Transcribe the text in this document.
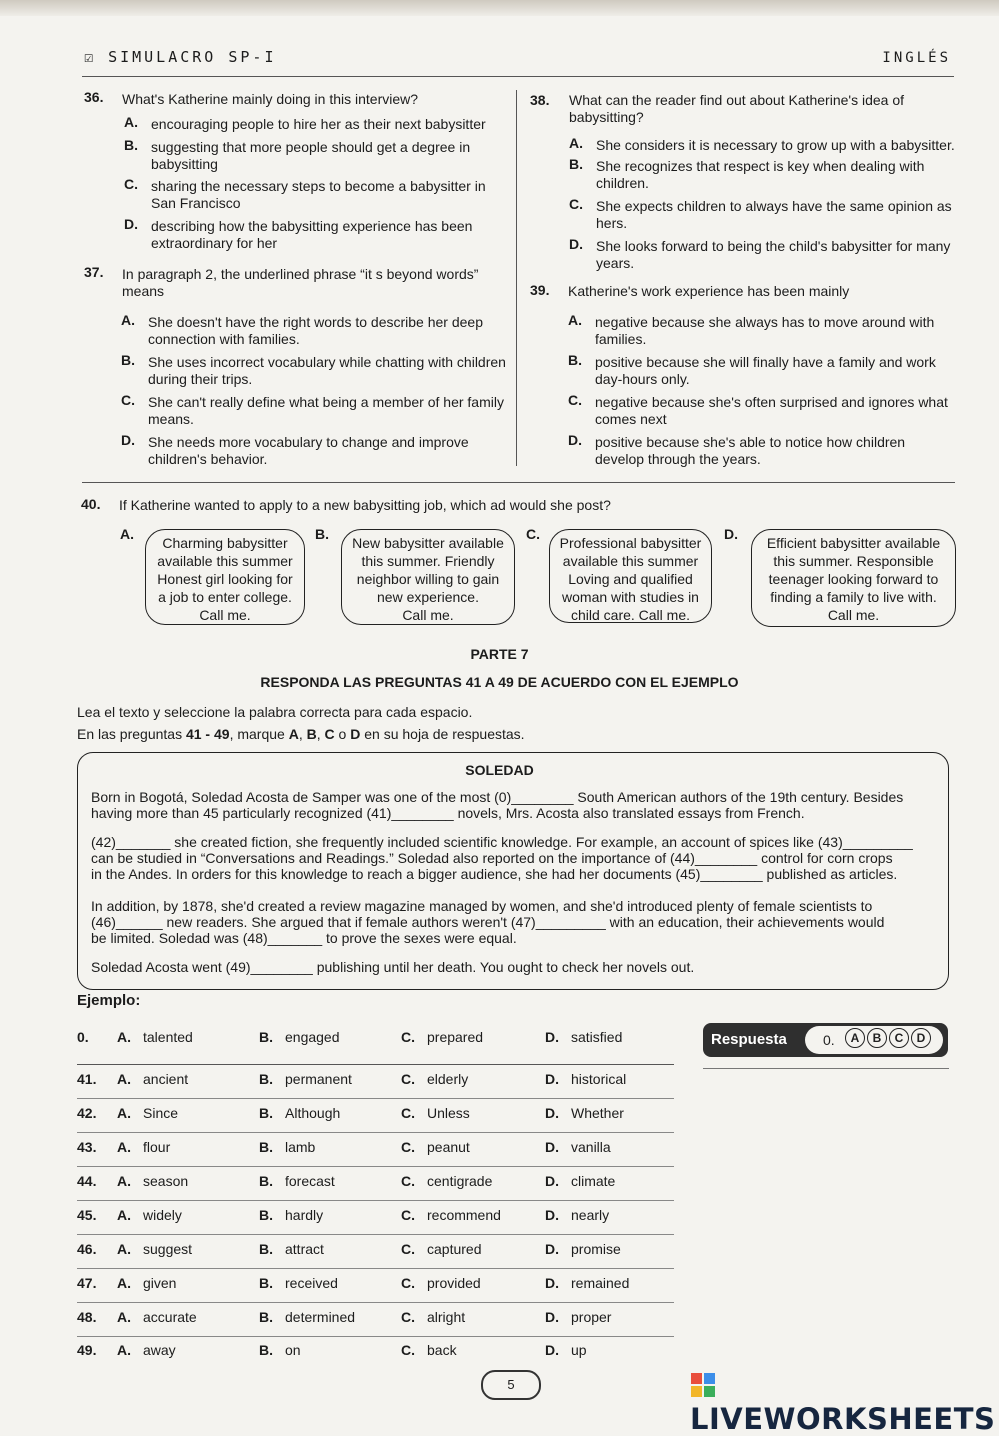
☑ SIMULACRO SP-I	INGLÉS
36. What's Katherine mainly doing in this interview?
A. encouraging people to hire her as their next babysitter
B. suggesting that more people should get a degree in babysitting
C. sharing the necessary steps to become a babysitter in San Francisco
D. describing how the babysitting experience has been extraordinary for her
37. In paragraph 2, the underlined phrase “it s beyond words” means
A. She doesn't have the right words to describe her deep connection with families.
B. She uses incorrect vocabulary while chatting with children during their trips.
C. She can't really define what being a member of her family means.
D. She needs more vocabulary to change and improve children's behavior.
38. What can the reader find out about Katherine's idea of babysitting?
A. She considers it is necessary to grow up with a babysitter.
B. She recognizes that respect is key when dealing with children.
C. She expects children to always have the same opinion as hers.
D. She looks forward to being the child's babysitter for many years.
39. Katherine's work experience has been mainly
A. negative because she always has to move around with families.
B. positive because she will finally have a family and work day-hours only.
C. negative because she's often surprised and ignores what comes next
D. positive because she's able to notice how children develop through the years.
40. If Katherine wanted to apply to a new babysitting job, which ad would she post?
A.
Charming babysitter
available this summer
Honest girl looking for
a job to enter college.
Call me.
B.
New babysitter available
this summer. Friendly
neighbor willing to gain
new experience.
Call me.
C.
Professional babysitter
available this summer
Loving and qualified
woman with studies in
child care. Call me.
D.
Efficient babysitter available
this summer. Responsible
teenager looking forward to
finding a family to live with.
Call me.
PARTE 7
RESPONDA LAS PREGUNTAS 41 A 49 DE ACUERDO CON EL EJEMPLO
Lea el texto y seleccione la palabra correcta para cada espacio.
En las preguntas 41 - 49, marque A, B, C o D en su hoja de respuestas.
SOLEDAD
Born in Bogotá, Soledad Acosta de Samper was one of the most (0)________ South American authors of the 19th century. Besides
having more than 45 particularly recognized (41)________ novels, Mrs. Acosta also translated essays from French.
(42)_______ she created fiction, she frequently included scientific knowledge. For example, an account of spices like (43)_________
can be studied in “Conversations and Readings.” Soledad also reported on the importance of (44)________ control for corn crops
in the Andes. In orders for this knowledge to reach a bigger audience, she had her documents (45)________ published as articles.
In addition, by 1878, she'd created a review magazine managed by women, and she'd introduced plenty of female scientists to
(46)______ new readers. She argued that if female authors weren't (47)_________ with an education, their achievements would
be limited. Soledad was (48)_______ to prove the sexes were equal.
Soledad Acosta went (49)________ publishing until her death. You ought to check her novels out.
Ejemplo:
0. A. talented	B. engaged	C. prepared	D. satisfied
41. A. ancient	B. permanent	C. elderly	D. historical
42. A. Since	B. Although	C. Unless	D. Whether
43. A. flour	B. lamb	C. peanut	D. vanilla
44. A. season	B. forecast	C. centigrade	D. climate
45. A. widely	B. hardly	C. recommend	D. nearly
46. A. suggest	B. attract	C. captured	D. promise
47. A. given	B. received	C. provided	D. remained
48. A. accurate	B. determined	C. alright	D. proper
49. A. away	B. on	C. back	D. up
Respuesta	0.	A B C D
5
LIVEWORKSHEETS
